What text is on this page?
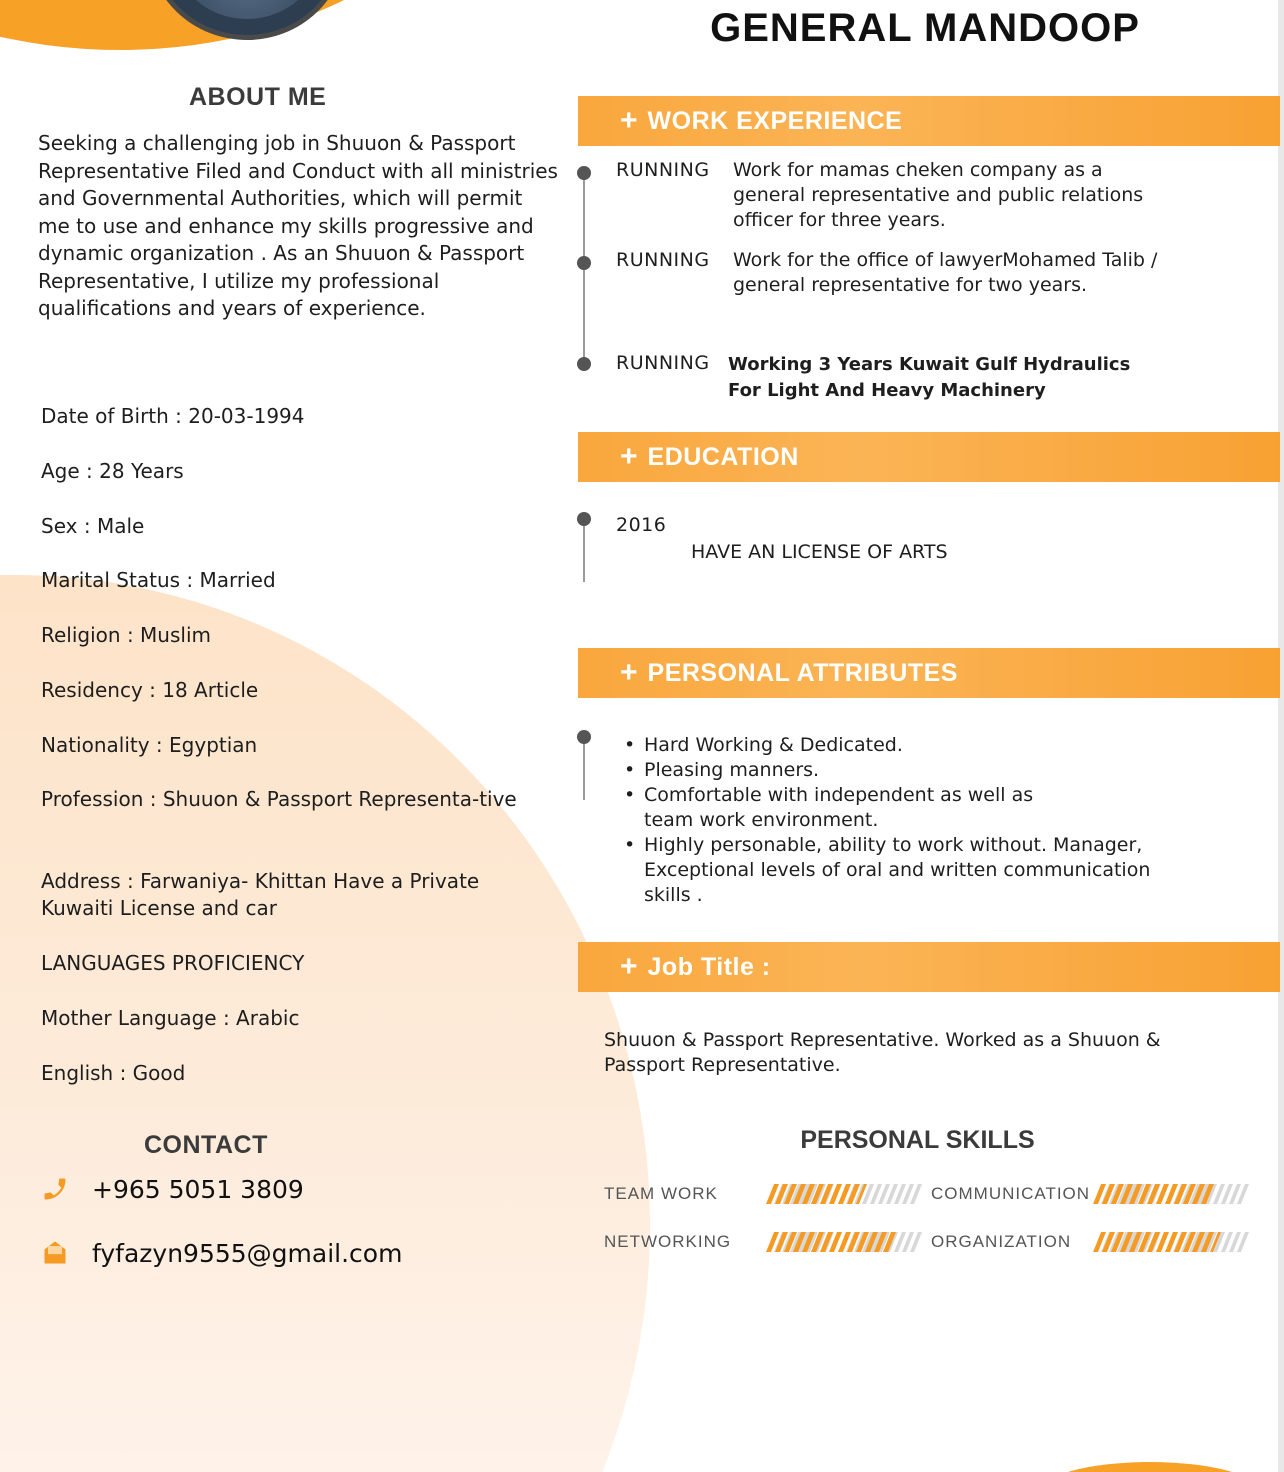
GENERAL MANDOOP
ABOUT ME
Seeking a challenging job in Shuuon & Passport Representative Filed and Conduct with all ministries and Governmental Authorities, which will permit me to use and enhance my skills progressive and dynamic organization . As an Shuuon & Passport Representative, I utilize my professional qualifications and years of experience.
Date of Birth : 20-03-1994
Age : 28 Years
Sex : Male
Marital Status : Married
Religion : Muslim
Residency : 18 Article
Nationality : Egyptian
Profession : Shuuon & Passport Representa-tive
Address : Farwaniya- Khittan Have a Private Kuwaiti License and car
LANGUAGES PROFICIENCY
Mother Language : Arabic
English : Good
CONTACT
+965 5051 3809
fyfazyn9555@gmail.com
+ WORK EXPERIENCE
RUNNING Work for mamas cheken company as a general representative and public relations officer for three years.
RUNNING Work for the office of lawyerMohamed Talib / general representative for two years.
RUNNING Working 3 Years Kuwait Gulf Hydraulics For Light And Heavy Machinery
+ EDUCATION
2016
HAVE AN LICENSE OF ARTS
+ PERSONAL ATTRIBUTES
• Hard Working & Dedicated.
• Pleasing manners.
• Comfortable with independent as well as team work environment.
• Highly personable, ability to work without. Manager, Exceptional levels of oral and written communication skills .
+ Job Title :
Shuuon & Passport Representative. Worked as a Shuuon & Passport Representative.
PERSONAL SKILLS
TEAM WORK	COMMUNICATION
NETWORKING	ORGANIZATION
